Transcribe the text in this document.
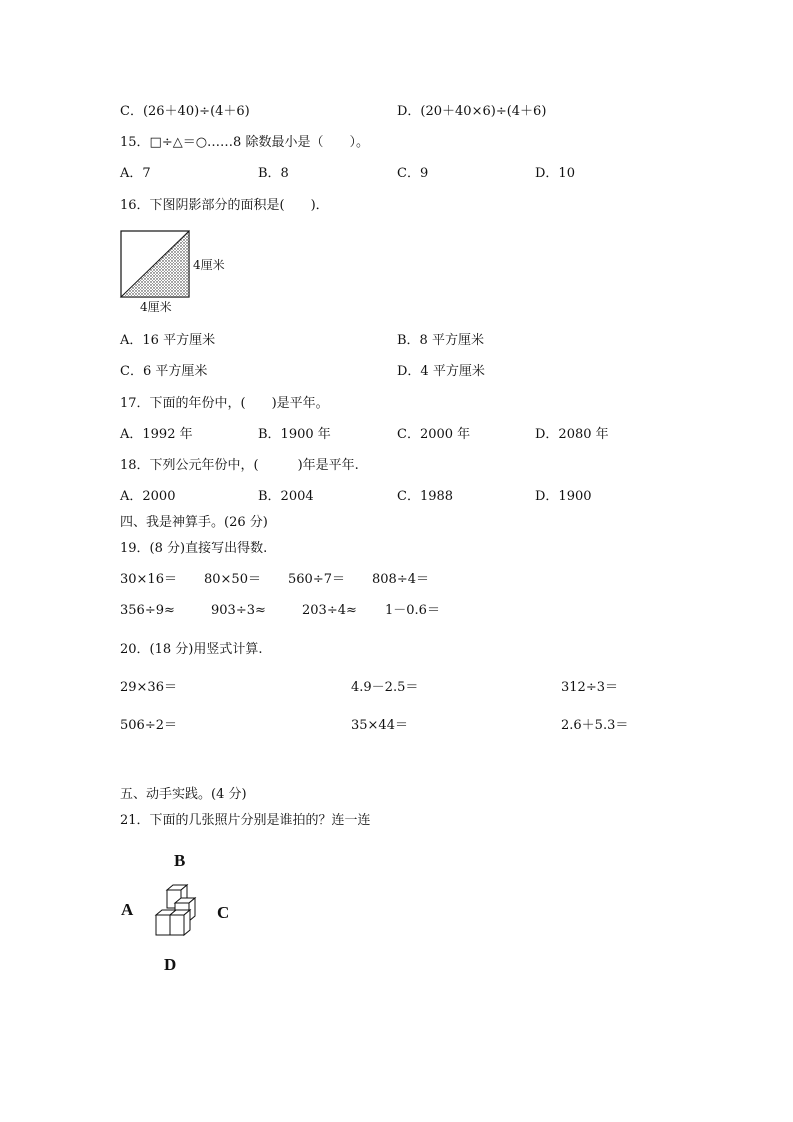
C．(26＋40)÷(4＋6)	D．(20＋40×6)÷(4＋6)
15．□÷△＝○……8 除数最小是（　　）。
A．7	B．8	C．9	D．10
16．下图阴影部分的面积是(　　)．
4厘米
4厘米
A．16 平方厘米	B．8 平方厘米
C．6 平方厘米	D．4 平方厘米
17．下面的年份中，(　　)是平年。
A．1992 年	B．1900 年	C．2000 年	D．2080 年
18．下列公元年份中，(　　　)年是平年.
A．2000	B．2004	C．1988	D．1900
四、我是神算手。(26 分)
19．(8 分)直接写出得数.
30×16＝ 80×50＝ 560÷7＝ 808÷4＝
356÷9≈	903÷3≈	203÷4≈ 1－0.6＝
20．(18 分)用竖式计算.
29×36＝	4.9－2.5＝	312÷3＝
506÷2＝	35×44＝	2.6＋5.3＝
五、动手实践。(4 分)
21．下面的几张照片分别是谁拍的？连一连
B
A	C
D
